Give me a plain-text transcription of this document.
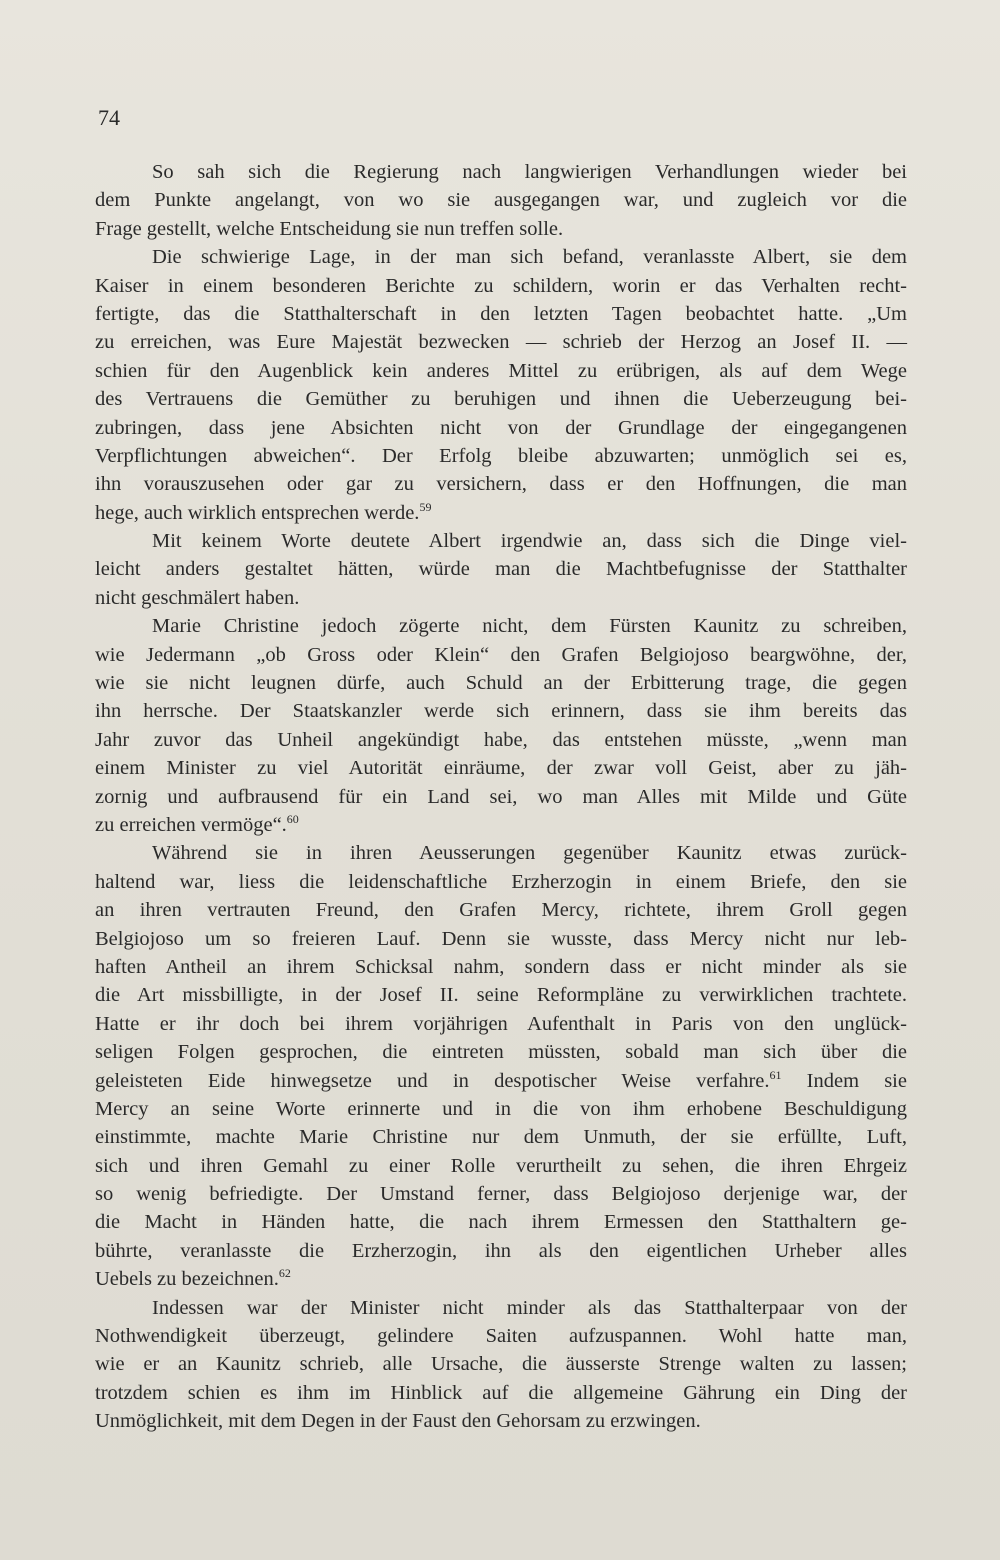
74

So sah sich die Regierung nach langwierigen Verhandlungen wieder bei
dem Punkte angelangt, von wo sie ausgegangen war, und zugleich vor die
Frage gestellt, welche Entscheidung sie nun treffen solle.

Die schwierige Lage, in der man sich befand, veranlasste Albert, sie dem
Kaiser in einem besonderen Berichte zu schildern, worin er das Verhalten recht-
fertigte, das die Statthalterschaft in den letzten Tagen beobachtet hatte. „Um
zu erreichen, was Eure Majestät bezwecken — schrieb der Herzog an Josef II. —
schien für den Augenblick kein anderes Mittel zu erübrigen, als auf dem Wege
des Vertrauens die Gemüther zu beruhigen und ihnen die Ueberzeugung bei-
zubringen, dass jene Absichten nicht von der Grundlage der eingegangenen
Verpflichtungen abweichen“. Der Erfolg bleibe abzuwarten; unmöglich sei es,
ihn vorauszusehen oder gar zu versichern, dass er den Hoffnungen, die man
hege, auch wirklich entsprechen werde.$^{59}$

Mit keinem Worte deutete Albert irgendwie an, dass sich die Dinge viel-
leicht anders gestaltet hätten, würde man die Machtbefugnisse der Statthalter
nicht geschmälert haben.

Marie Christine jedoch zögerte nicht, dem Fürsten Kaunitz zu schreiben,
wie Jedermann „ob Gross oder Klein“ den Grafen Belgiojoso beargwöhne, der,
wie sie nicht leugnen dürfe, auch Schuld an der Erbitterung trage, die gegen
ihn herrsche. Der Staatskanzler werde sich erinnern, dass sie ihm bereits das
Jahr zuvor das Unheil angekündigt habe, das entstehen müsste, „wenn man
einem Minister zu viel Autorität einräume, der zwar voll Geist, aber zu jäh-
zornig und aufbrausend für ein Land sei, wo man Alles mit Milde und Güte
zu erreichen vermöge“.$^{60}$

Während sie in ihren Aeusserungen gegenüber Kaunitz etwas zurück-
haltend war, liess die leidenschaftliche Erzherzogin in einem Briefe, den sie
an ihren vertrauten Freund, den Grafen Mercy, richtete, ihrem Groll gegen
Belgiojoso um so freieren Lauf. Denn sie wusste, dass Mercy nicht nur leb-
haften Antheil an ihrem Schicksal nahm, sondern dass er nicht minder als sie
die Art missbilligte, in der Josef II. seine Reformpläne zu verwirklichen trachtete.
Hatte er ihr doch bei ihrem vorjährigen Aufenthalt in Paris von den unglück-
seligen Folgen gesprochen, die eintreten müssten, sobald man sich über die
geleisteten Eide hinwegsetze und in despotischer Weise verfahre.$^{61}$ Indem sie
Mercy an seine Worte erinnerte und in die von ihm erhobene Beschuldigung
einstimmte, machte Marie Christine nur dem Unmuth, der sie erfüllte, Luft,
sich und ihren Gemahl zu einer Rolle verurtheilt zu sehen, die ihren Ehrgeiz
so wenig befriedigte. Der Umstand ferner, dass Belgiojoso derjenige war, der
die Macht in Händen hatte, die nach ihrem Ermessen den Statthaltern ge-
bührte, veranlasste die Erzherzogin, ihn als den eigentlichen Urheber alles
Uebels zu bezeichnen.$^{62}$

Indessen war der Minister nicht minder als das Statthalterpaar von der
Nothwendigkeit überzeugt, gelindere Saiten aufzuspannen. Wohl hatte man,
wie er an Kaunitz schrieb, alle Ursache, die äusserste Strenge walten zu lassen;
trotzdem schien es ihm im Hinblick auf die allgemeine Gährung ein Ding der
Unmöglichkeit, mit dem Degen in der Faust den Gehorsam zu erzwingen.
